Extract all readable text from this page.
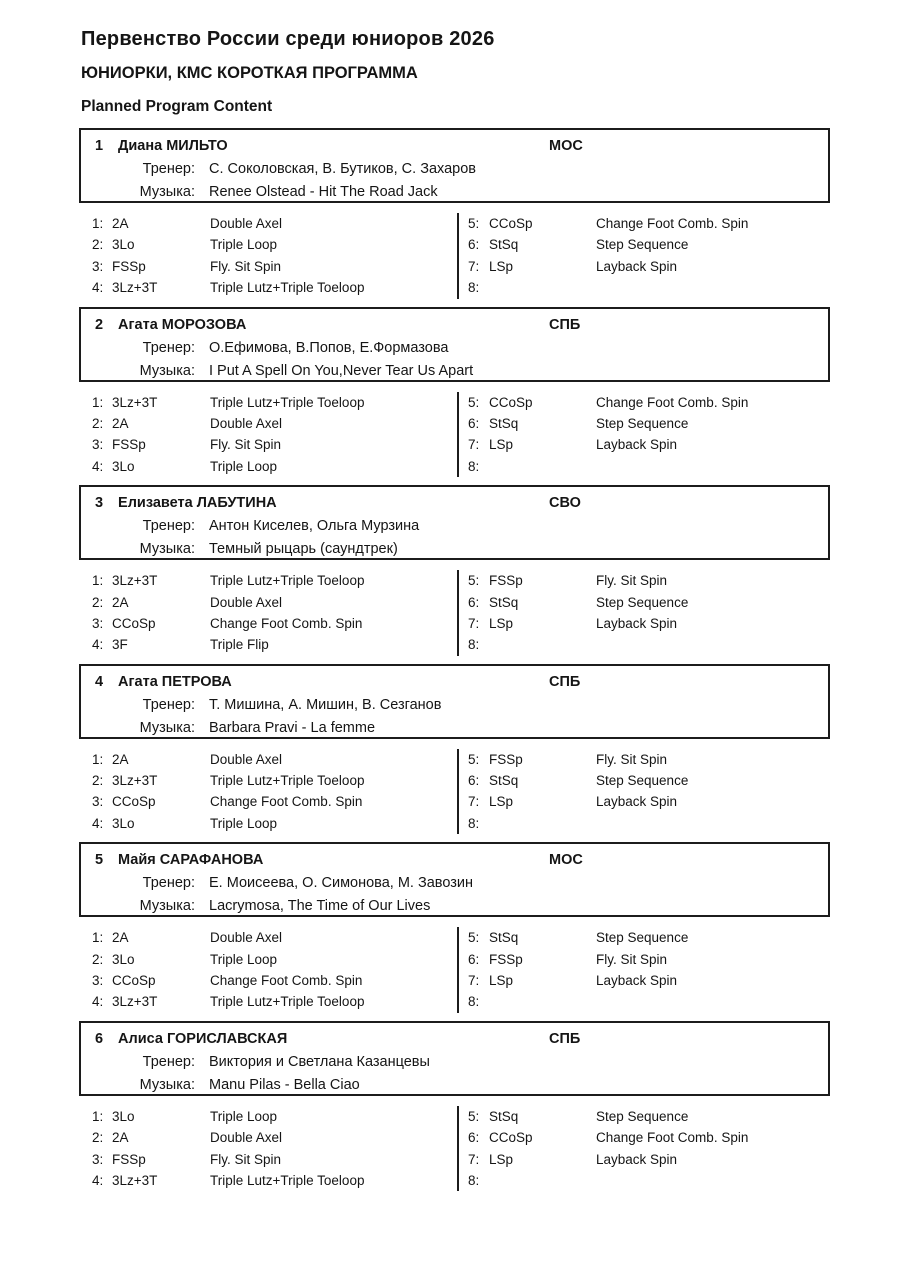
Первенство России среди юниоров 2026
ЮНИОРКИ, КМС КОРОТКАЯ ПРОГРАММА
Planned Program Content
1 Диана МИЛЬТО	МОС
Тренер: С. Соколовская, В. Бутиков, С. Захаров
Музыка: Renee Olstead - Hit The Road Jack
1: 2A	Double Axel
2: 3Lo	Triple Loop
3: FSSp	Fly. Sit Spin
4: 3Lz+3T	Triple Lutz+Triple Toeloop
5: CCoSp	Change Foot Comb. Spin
6: StSq	Step Sequence
7: LSp	Layback Spin
8:
2 Агата МОРОЗОВА	СПБ
Тренер: О.Ефимова, В.Попов, Е.Формазова
Музыка: I Put A Spell On You,Never Tear Us Apart
1: 3Lz+3T	Triple Lutz+Triple Toeloop
2: 2A	Double Axel
3: FSSp	Fly. Sit Spin
4: 3Lo	Triple Loop
5: CCoSp	Change Foot Comb. Spin
6: StSq	Step Sequence
7: LSp	Layback Spin
8:
3 Елизавета ЛАБУТИНА	СВО
Тренер: Антон Киселев, Ольга Мурзина
Музыка: Темный рыцарь (саундтрек)
1: 3Lz+3T	Triple Lutz+Triple Toeloop
2: 2A	Double Axel
3: CCoSp	Change Foot Comb. Spin
4: 3F	Triple Flip
5: FSSp	Fly. Sit Spin
6: StSq	Step Sequence
7: LSp	Layback Spin
8:
4 Агата ПЕТРОВА	СПБ
Тренер: Т. Мишина, А. Мишин, В. Сезганов
Музыка: Barbara Pravi - La femme
1: 2A	Double Axel
2: 3Lz+3T	Triple Lutz+Triple Toeloop
3: CCoSp	Change Foot Comb. Spin
4: 3Lo	Triple Loop
5: FSSp	Fly. Sit Spin
6: StSq	Step Sequence
7: LSp	Layback Spin
8:
5 Майя САРАФАНОВА	МОС
Тренер: Е. Моисеева, О. Симонова, М. Завозин
Музыка: Lacrymosa, The Time of Our Lives
1: 2A	Double Axel
2: 3Lo	Triple Loop
3: CCoSp	Change Foot Comb. Spin
4: 3Lz+3T	Triple Lutz+Triple Toeloop
5: StSq	Step Sequence
6: FSSp	Fly. Sit Spin
7: LSp	Layback Spin
8:
6 Алиса ГОРИСЛАВСКАЯ	СПБ
Тренер: Виктория и Светлана Казанцевы
Музыка: Manu Pilas - Bella Ciao
1: 3Lo	Triple Loop
2: 2A	Double Axel
3: FSSp	Fly. Sit Spin
4: 3Lz+3T	Triple Lutz+Triple Toeloop
5: StSq	Step Sequence
6: CCoSp	Change Foot Comb. Spin
7: LSp	Layback Spin
8:
